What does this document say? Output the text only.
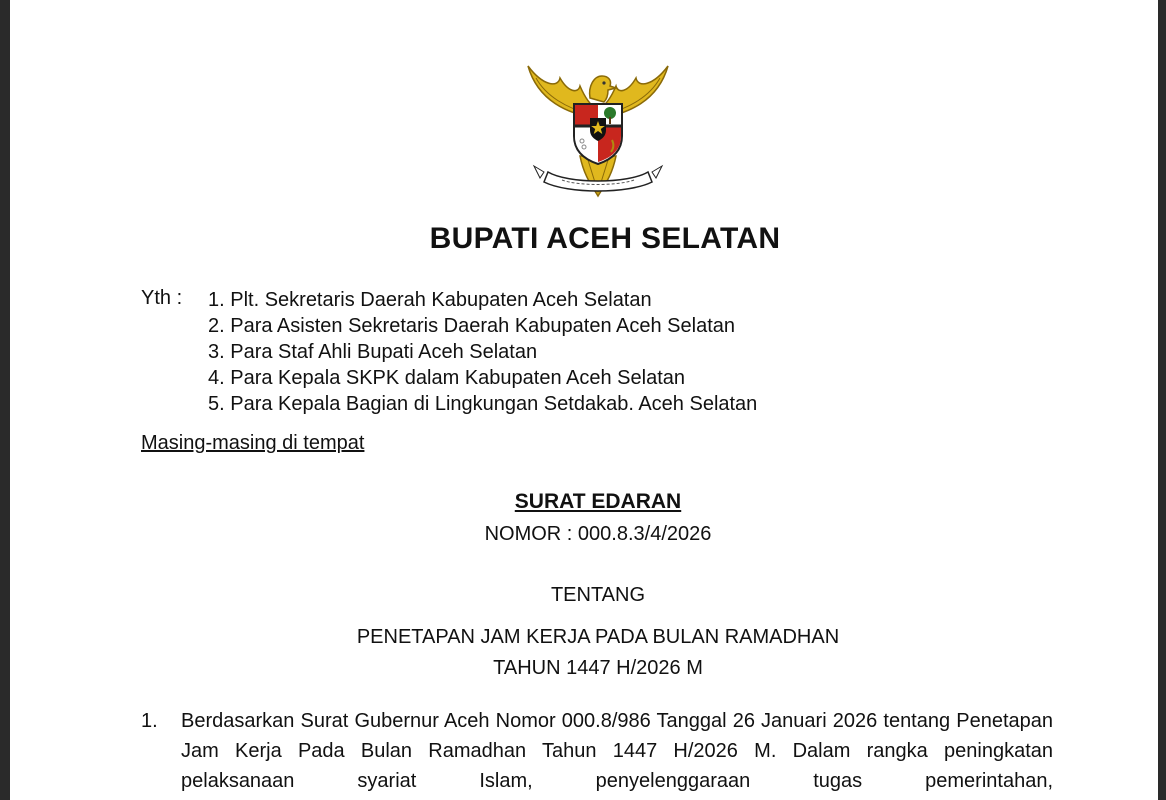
BUPATI ACEH SELATAN
Yth : 1. Plt. Sekretaris Daerah Kabupaten Aceh Selatan
2. Para Asisten Sekretaris Daerah Kabupaten Aceh Selatan
3. Para Staf Ahli Bupati Aceh Selatan
4. Para Kepala SKPK dalam Kabupaten Aceh Selatan
5. Para Kepala Bagian di Lingkungan Setdakab. Aceh Selatan
Masing-masing di tempat
SURAT EDARAN
NOMOR : 000.8.3/4/2026
TENTANG
PENETAPAN JAM KERJA PADA BULAN RAMADHAN
TAHUN 1447 H/2026 M
1. Berdasarkan Surat Gubernur Aceh Nomor 000.8/986 Tanggal 26 Januari 2026 tentang Penetapan Jam Kerja Pada Bulan Ramadhan Tahun 1447 H/2026 M. Dalam rangka peningkatan pelaksanaan syariat Islam, penyelenggaraan tugas pemerintahan,
